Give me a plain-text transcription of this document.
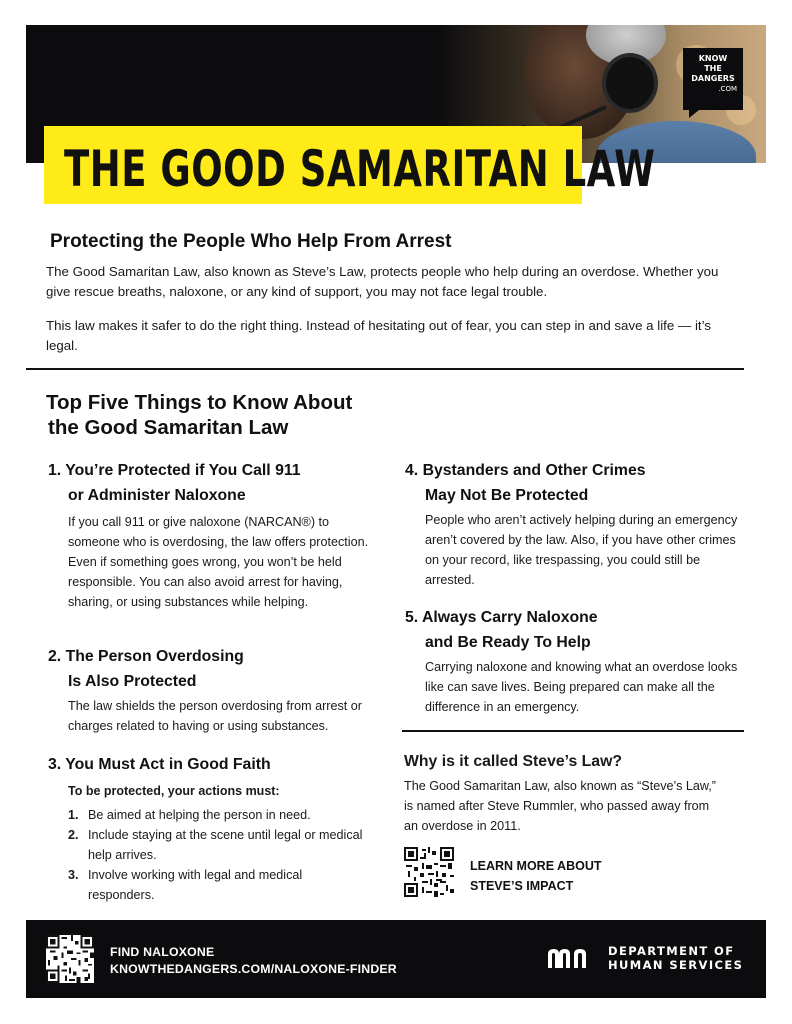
KNOW
THE
DANGERS
.COM
THE GOOD SAMARITAN LAW
Protecting the People Who Help From Arrest

The Good Samaritan Law, also known as Steve’s Law, protects people who help during an overdose. Whether you give rescue breaths, naloxone, or any kind of support, you may not face legal trouble.

This law makes it safer to do the right thing. Instead of hesitating out of fear, you can step in and save a life — it’s legal.

Top Five Things to Know About
the Good Samaritan Law
1. You’re Protected if You Call 911
or Administer Naloxone

If you call 911 or give naloxone (NARCAN®) to someone who is overdosing, the law offers protection. Even if something goes wrong, you won’t be held responsible. You can also avoid arrest for having, sharing, or using substances while helping.

2. The Person Overdosing
Is Also Protected

The law shields the person overdosing from arrest or charges related to having or using substances.

3. You Must Act in Good Faith
To be protected, your actions must:
1. Be aimed at helping the person in need.
2. Include staying at the scene until legal or medical help arrives.
3. Involve working with legal and medical responders.
4. Bystanders and Other Crimes
May Not Be Protected

People who aren’t actively helping during an emergency aren’t covered by the law. Also, if you have other crimes on your record, like trespassing, you could still be arrested.

5. Always Carry Naloxone
and Be Ready To Help

Carrying naloxone and knowing what an overdose looks like can save lives. Being prepared can make all the difference in an emergency.

Why is it called Steve’s Law?

The Good Samaritan Law, also known as “Steve’s Law,” is named after Steve Rummler, who passed away from an overdose in 2011.

LEARN MORE ABOUT
STEVE’S IMPACT
FIND NALOXONE
KNOWTHEDANGERS.COM/NALOXONE-FINDER
DEPARTMENT OF
HUMAN SERVICES
